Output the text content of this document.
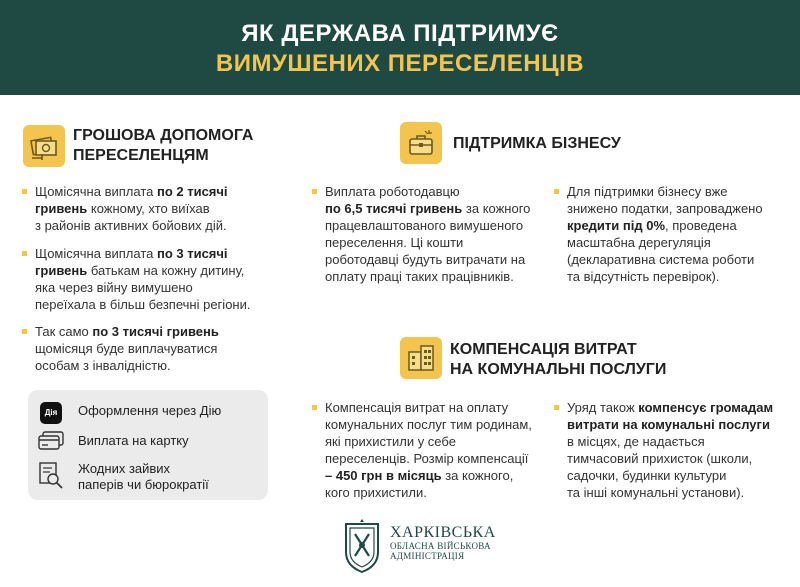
ЯК ДЕРЖАВА ПІДТРИМУЄ
ВИМУШЕНИХ ПЕРЕСЕЛЕНЦІВ
ГРОШОВА ДОПОМОГА
ПЕРЕСЕЛЕНЦЯМ
Щомісячна виплата по 2 тисячі
гривень кожному, хто виїхав
з районів активних бойових дій.
Щомісячна виплата по 3 тисячі
гривень батькам на кожну дитину,
яка через війну вимушено
переїхала в більш безпечні регіони.
Так само по 3 тисячі гривень
щомісяця буде виплачуватися
особам з інвалідністю.
Дія	Оформлення через Дію
Виплата на картку
Жодних зайвих
паперів чи бюрократії
ПІДТРИМКА БІЗНЕСУ
Виплата роботодавцю
по 6,5 тисячі гривень за кожного
працевлаштованого вимушеного
переселення. Ці кошти
роботодавці будуть витрачати на
оплату праці таких працівників.
Для підтримки бізнесу вже
знижено податки, запроваджено
кредити під 0%, проведена
масштабна дерегуляція
(декларативна система роботи
та відсутність перевірок).
КОМПЕНСАЦІЯ ВИТРАТ
НА КОМУНАЛЬНІ ПОСЛУГИ
Компенсація витрат на оплату
комунальних послуг тим родинам,
які прихистили у себе
переселенців. Розмір компенсації
– 450 грн в місяць за кожного,
кого прихистили.
Уряд також компенсує громадам
витрати на комунальні послуги
в місцях, де надається
тимчасовий прихисток (школи,
садочки, будинки культури
та інші комунальні установи).
ХАРКІВСЬКА
ОБЛАСНА ВІЙСЬКОВА
АДМІНІСТРАЦІЯ
